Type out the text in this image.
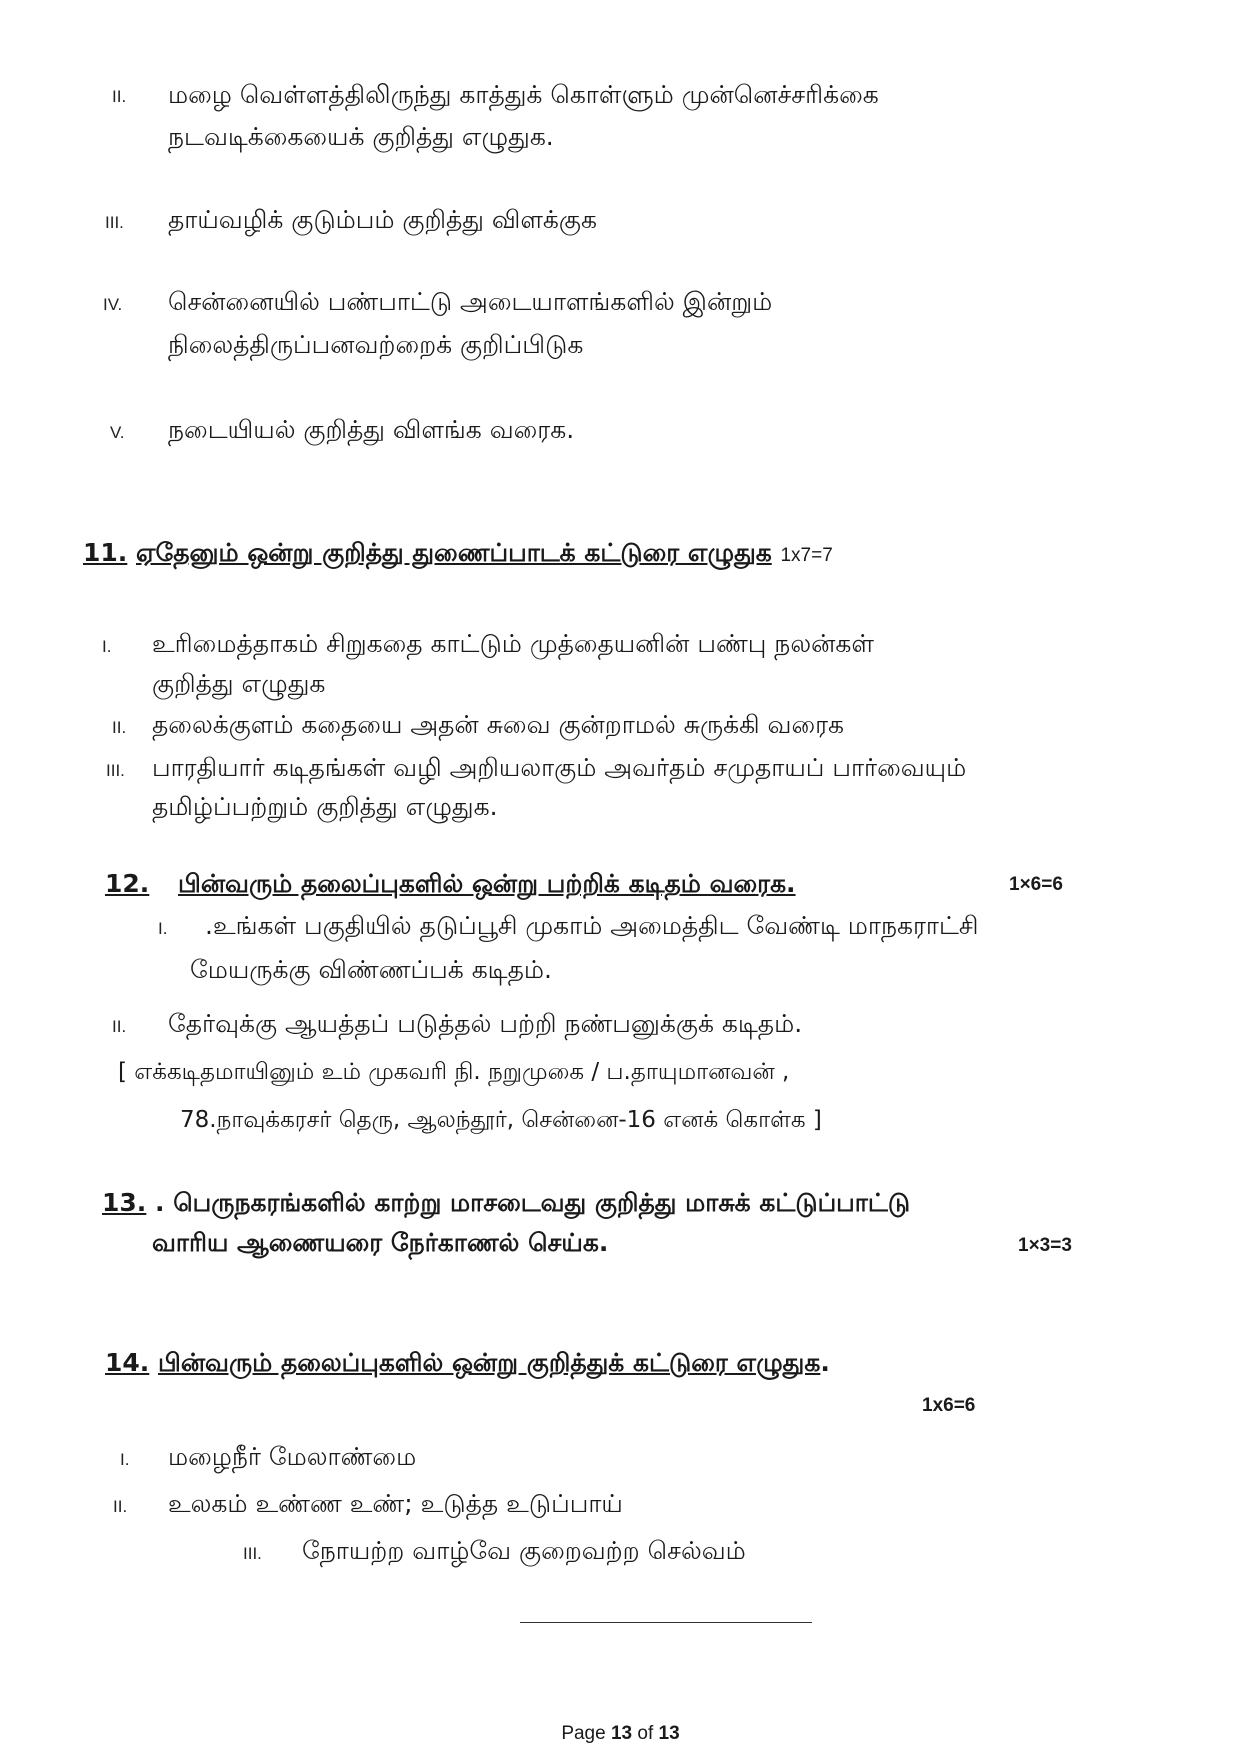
II. மழை வெள்ளத்திலிருந்து காத்துக் கொள்ளும் முன்னெச்சரிக்கை
நடவடிக்கையைக் குறித்து எழுதுக.
III. தாய்வழிக் குடும்பம் குறித்து விளக்குக
IV. சென்னையில் பண்பாட்டு அடையாளங்களில் இன்றும்
நிலைத்திருப்பனவற்றைக் குறிப்பிடுக
V. நடையியல் குறித்து விளங்க வரைக.
11. ஏதேனும் ஒன்று குறித்து துணைப்பாடக் கட்டுரை எழுதுக 1x7=7
I. உரிமைத்தாகம் சிறுகதை காட்டும் முத்தையனின் பண்பு நலன்கள்
குறித்து எழுதுக
II. தலைக்குளம் கதையை அதன் சுவை குன்றாமல் சுருக்கி வரைக
III. பாரதியார் கடிதங்கள் வழி அறியலாகும் அவர்தம் சமுதாயப் பார்வையும்
தமிழ்ப்பற்றும் குறித்து எழுதுக.
12. பின்வரும் தலைப்புகளில் ஒன்று பற்றிக் கடிதம் வரைக.	1×6=6
I. .உங்கள் பகுதியில் தடுப்பூசி முகாம் அமைத்திட வேண்டி மாநகராட்சி
மேயருக்கு விண்ணப்பக் கடிதம்.
II. தேர்வுக்கு ஆயத்தப் படுத்தல் பற்றி நண்பனுக்குக் கடிதம்.
[ எக்கடிதமாயினும் உம் முகவரி நி. நறுமுகை / ப.தாயுமானவன் ,
78.நாவுக்கரசர் தெரு, ஆலந்தூர், சென்னை-16 எனக் கொள்க ]
13. . பெருநகரங்களில் காற்று மாசடைவது குறித்து மாசுக் கட்டுப்பாட்டு
வாரிய ஆணையரை நேர்காணல் செய்க.	1×3=3
14. பின்வரும் தலைப்புகளில் ஒன்று குறித்துக் கட்டுரை எழுதுக.
1x6=6
I. மழைநீர் மேலாண்மை
II. உலகம் உண்ண உண்; உடுத்த உடுப்பாய்
III. நோயற்ற வாழ்வே குறைவற்ற செல்வம்
Page 13 of 13
